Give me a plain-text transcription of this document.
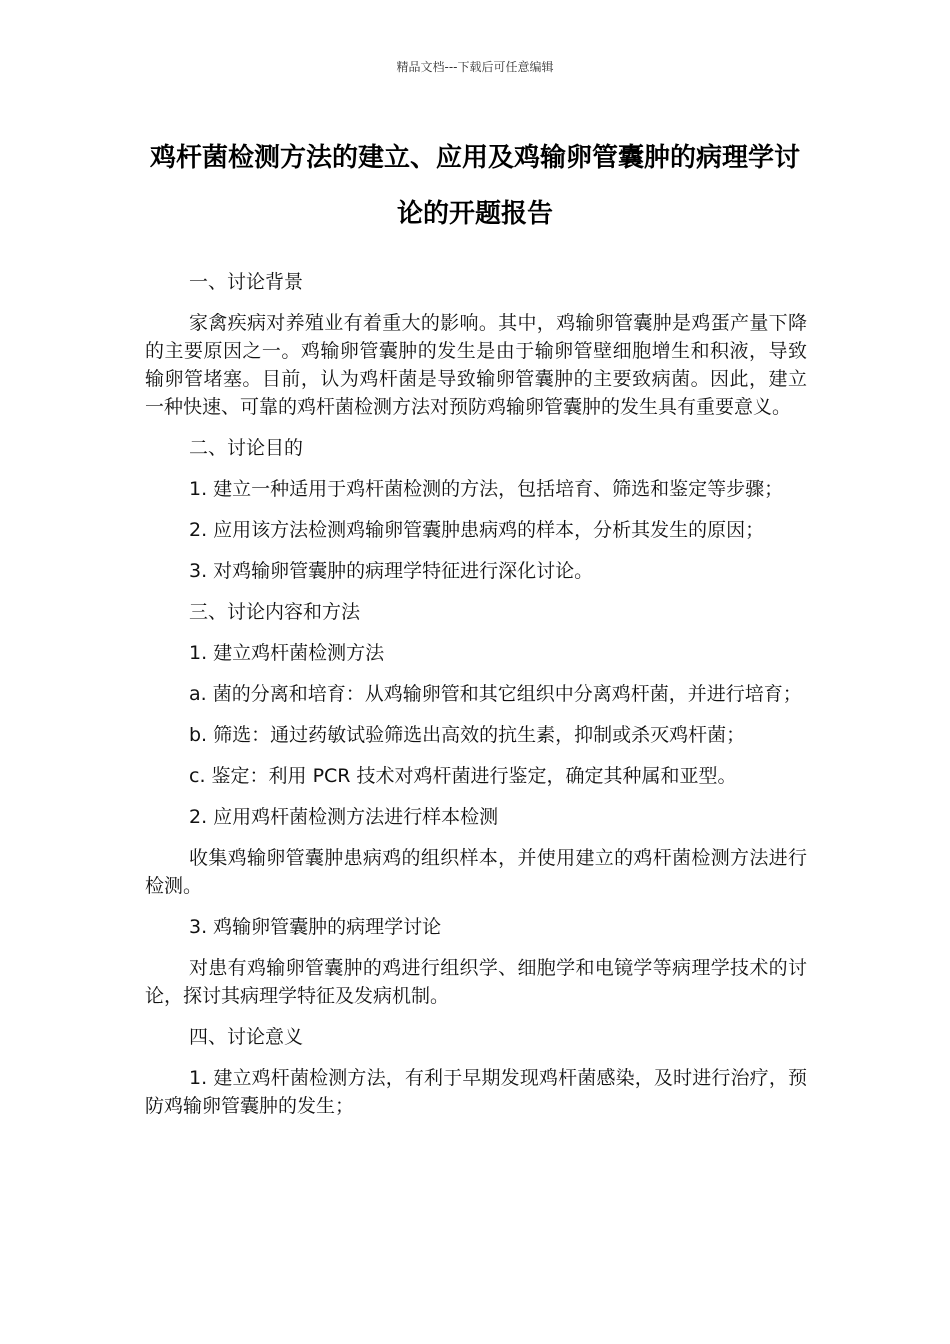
精品文档---下载后可任意编辑
鸡杆菌检测方法的建立、应用及鸡输卵管囊肿的病理学讨论的开题报告

一、讨论背景

家禽疾病对养殖业有着重大的影响。其中，鸡输卵管囊肿是鸡蛋产量下降的主要原因之一。鸡输卵管囊肿的发生是由于输卵管壁细胞增生和积液，导致输卵管堵塞。目前，认为鸡杆菌是导致输卵管囊肿的主要致病菌。因此，建立一种快速、可靠的鸡杆菌检测方法对预防鸡输卵管囊肿的发生具有重要意义。

二、讨论目的

1. 建立一种适用于鸡杆菌检测的方法，包括培育、筛选和鉴定等步骤；

2. 应用该方法检测鸡输卵管囊肿患病鸡的样本，分析其发生的原因；

3. 对鸡输卵管囊肿的病理学特征进行深化讨论。

三、讨论内容和方法

1. 建立鸡杆菌检测方法

a. 菌的分离和培育：从鸡输卵管和其它组织中分离鸡杆菌，并进行培育；

b. 筛选：通过药敏试验筛选出高效的抗生素，抑制或杀灭鸡杆菌；

c. 鉴定：利用 PCR 技术对鸡杆菌进行鉴定，确定其种属和亚型。

2. 应用鸡杆菌检测方法进行样本检测

收集鸡输卵管囊肿患病鸡的组织样本，并使用建立的鸡杆菌检测方法进行检测。

3. 鸡输卵管囊肿的病理学讨论

对患有鸡输卵管囊肿的鸡进行组织学、细胞学和电镜学等病理学技术的讨论，探讨其病理学特征及发病机制。

四、讨论意义

1. 建立鸡杆菌检测方法，有利于早期发现鸡杆菌感染，及时进行治疗，预防鸡输卵管囊肿的发生；
